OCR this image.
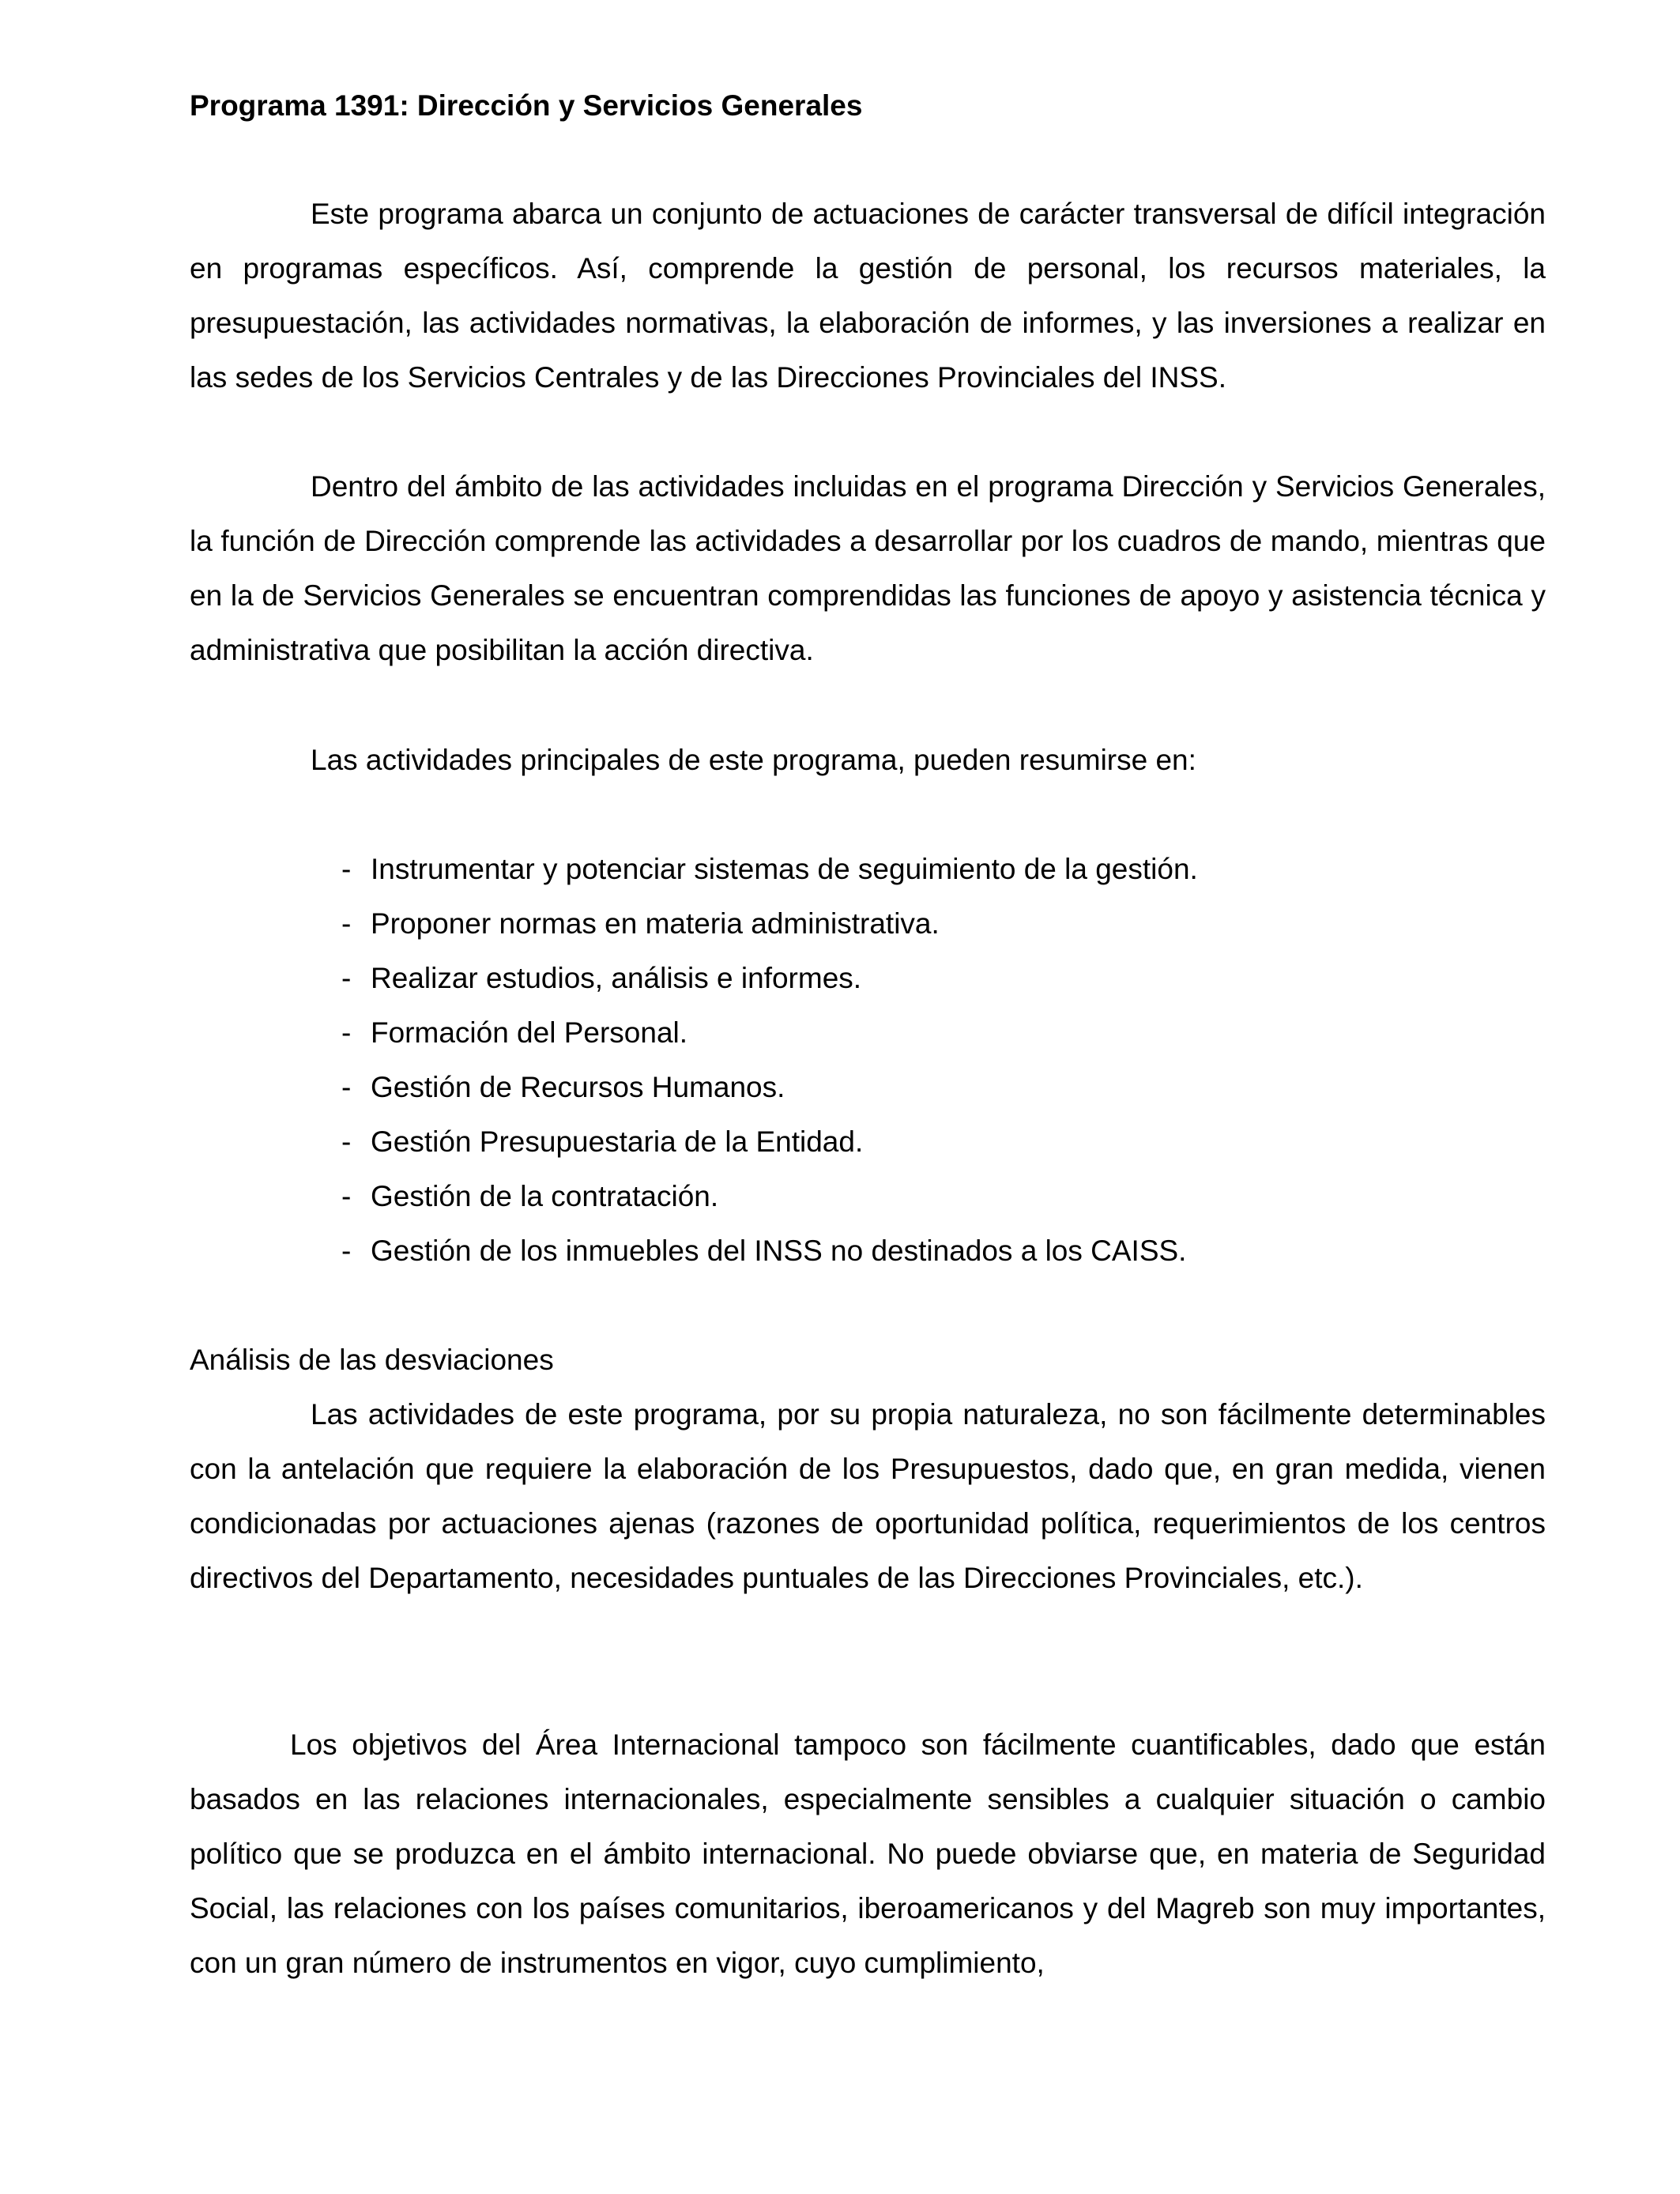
Programa 1391: Dirección y Servicios Generales

Este programa abarca un conjunto de actuaciones de carácter transversal de difícil integración en programas específicos. Así, comprende la gestión de personal, los recursos materiales, la presupuestación, las actividades normativas, la elaboración de informes, y las inversiones a realizar en las sedes de los Servicios Centrales y de las Direcciones Provinciales del INSS.

Dentro del ámbito de las actividades incluidas en el programa Dirección y Servicios Generales, la función de Dirección comprende las actividades a desarrollar por los cuadros de mando, mientras que en la de Servicios Generales se encuentran comprendidas las funciones de apoyo y asistencia técnica y administrativa que posibilitan la acción directiva.

Las actividades principales de este programa, pueden resumirse en:

- Instrumentar y potenciar sistemas de seguimiento de la gestión.
- Proponer normas en materia administrativa.
- Realizar estudios, análisis e informes.
- Formación del Personal.
- Gestión de Recursos Humanos.
- Gestión Presupuestaria de la Entidad.
- Gestión de la contratación.
- Gestión de los inmuebles del INSS no destinados a los CAISS.

Análisis de las desviaciones

Las actividades de este programa, por su propia naturaleza, no son fácilmente determinables con la antelación que requiere la elaboración de los Presupuestos, dado que, en gran medida, vienen condicionadas por actuaciones ajenas (razones de oportunidad política, requerimientos de los centros directivos del Departamento, necesidades puntuales de las Direcciones Provinciales, etc.).

Los objetivos del Área Internacional tampoco son fácilmente cuantificables, dado que están basados en las relaciones internacionales, especialmente sensibles a cualquier situación o cambio político que se produzca en el ámbito internacional. No puede obviarse que, en materia de Seguridad Social, las relaciones con los países comunitarios, iberoamericanos y del Magreb son muy importantes, con un gran número de instrumentos en vigor, cuyo cumplimiento,
